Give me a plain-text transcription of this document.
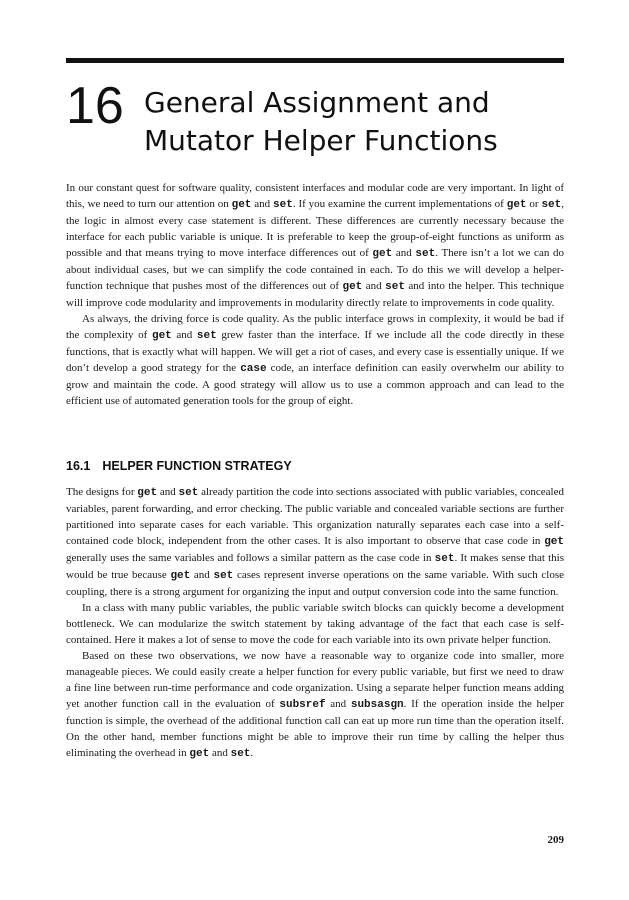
16 General Assignment and
Mutator Helper Functions

In our constant quest for software quality, consistent interfaces and modular code are very important. In light of this, we need to turn our attention on get and set. If you examine the current implementations of get or set, the logic in almost every case statement is different. These differences are currently necessary because the interface for each public variable is unique. It is preferable to keep the group-of-eight functions as uniform as possible and that means trying to move interface differences out of get and set. There isn’t a lot we can do about individual cases, but we can simplify the code contained in each. To do this we will develop a helper-function technique that pushes most of the differences out of get and set and into the helper. This technique will improve code modularity and improvements in modularity directly relate to improvements in code quality.

As always, the driving force is code quality. As the public interface grows in complexity, it would be bad if the complexity of get and set grew faster than the interface. If we include all the code directly in these functions, that is exactly what will happen. We will get a riot of cases, and every case is essentially unique. If we don’t develop a good strategy for the case code, an interface definition can easily overwhelm our ability to grow and maintain the code. A good strategy will allow us to use a common approach and can lead to the efficient use of automated generation tools for the group of eight.

16.1 HELPER FUNCTION STRATEGY

The designs for get and set already partition the code into sections associated with public variables, concealed variables, parent forwarding, and error checking. The public variable and concealed variable sections are further partitioned into separate cases for each variable. This organization naturally separates each case into a self-contained code block, independent from the other cases. It is also important to observe that case code in get generally uses the same variables and follows a similar pattern as the case code in set. It makes sense that this would be true because get and set cases represent inverse operations on the same variable. With such close coupling, there is a strong argument for organizing the input and output conversion code into the same function.

In a class with many public variables, the public variable switch blocks can quickly become a development bottleneck. We can modularize the switch statement by taking advantage of the fact that each case is self-contained. Here it makes a lot of sense to move the code for each variable into its own private helper function.

Based on these two observations, we now have a reasonable way to organize code into smaller, more manageable pieces. We could easily create a helper function for every public variable, but first we need to draw a fine line between run-time performance and code organization. Using a separate helper function means adding yet another function call in the evaluation of subsref and subsasgn. If the operation inside the helper function is simple, the overhead of the additional function call can eat up more run time than the operation itself. On the other hand, member functions might be able to improve their run time by calling the helper thus eliminating the overhead in get and set.

209
